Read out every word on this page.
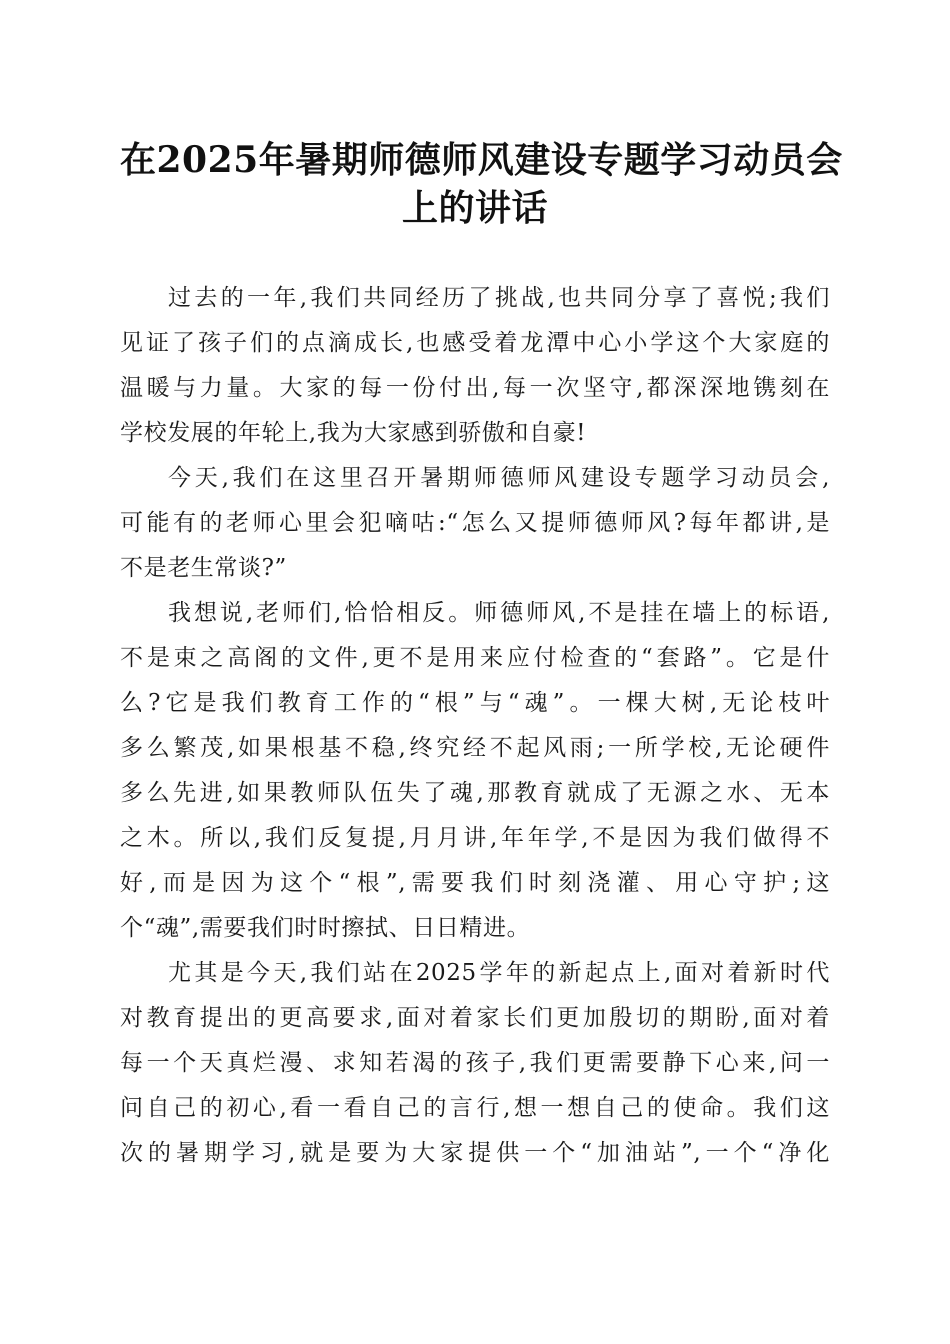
在2025年暑期师德师风建设专题学习动员会
上的讲话

过去的一年,我们共同经历了挑战,也共同分享了喜悦;我们
见证了孩子们的点滴成长,也感受着龙潭中心小学这个大家庭的
温暖与力量。大家的每一份付出,每一次坚守,都深深地镌刻在
学校发展的年轮上,我为大家感到骄傲和自豪!

今天,我们在这里召开暑期师德师风建设专题学习动员会,
可能有的老师心里会犯嘀咕:“怎么又提师德师风?每年都讲,是
不是老生常谈?”

我想说,老师们,恰恰相反。师德师风,不是挂在墙上的标语,
不是束之高阁的文件,更不是用来应付检查的“套路”。它是什
么?它是我们教育工作的“根”与“魂”。一棵大树,无论枝叶
多么繁茂,如果根基不稳,终究经不起风雨;一所学校,无论硬件
多么先进,如果教师队伍失了魂,那教育就成了无源之水、无本
之木。所以,我们反复提,月月讲,年年学,不是因为我们做得不
好,而是因为这个“根”,需要我们时刻浇灌、用心守护;这
个“魂”,需要我们时时擦拭、日日精进。

尤其是今天,我们站在2025学年的新起点上,面对着新时代
对教育提出的更高要求,面对着家长们更加殷切的期盼,面对着
每一个天真烂漫、求知若渴的孩子,我们更需要静下心来,问一
问自己的初心,看一看自己的言行,想一想自己的使命。我们这
次的暑期学习,就是要为大家提供一个“加油站”,一个“净化
